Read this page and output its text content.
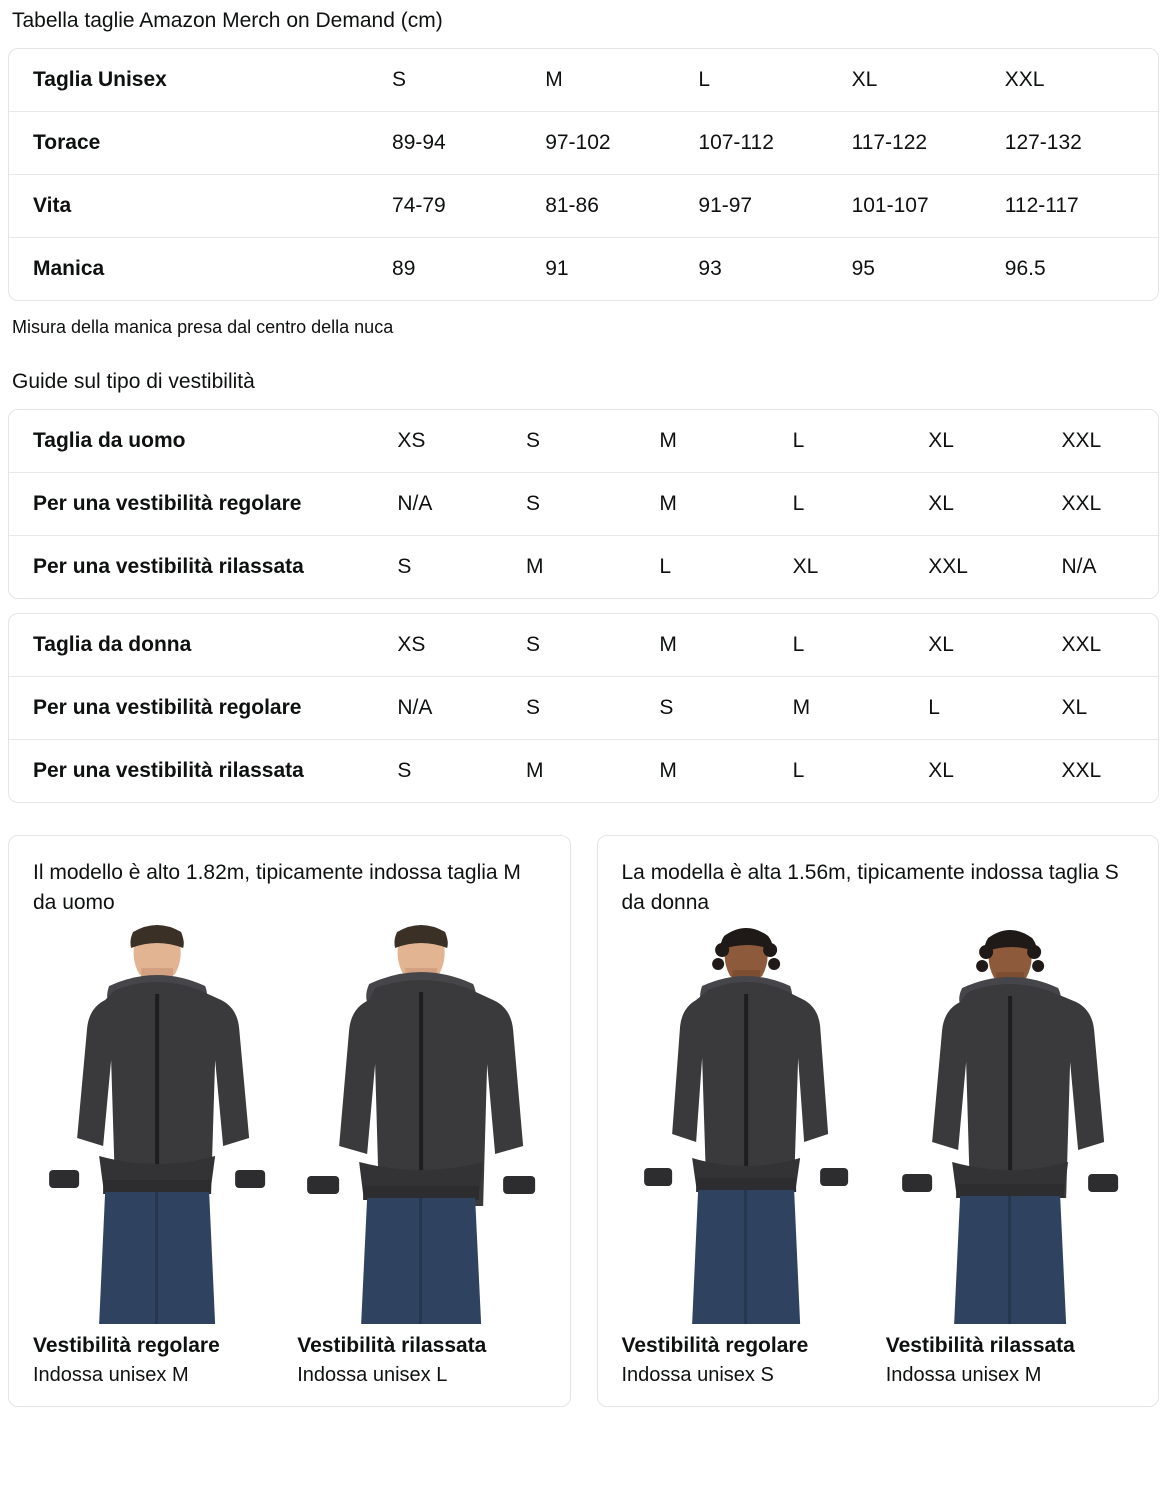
Tabella taglie Amazon Merch on Demand (cm)
Taglia Unisex	S	M	L	XL	XXL
Torace	89-94	97-102	107-112	117-122	127-132
Vita	74-79	81-86	91-97	101-107	112-117
Manica	89	91	93	95	96.5
Misura della manica presa dal centro della nuca
Guide sul tipo di vestibilità
Taglia da uomo	XS	S	M	L	XL	XXL
Per una vestibilità regolare	N/A	S	M	L	XL	XXL
Per una vestibilità rilassata	S	M	L	XL	XXL	N/A
Taglia da donna	XS	S	M	L	XL	XXL
Per una vestibilità regolare	N/A	S	S	M	L	XL
Per una vestibilità rilassata	S	M	M	L	XL	XXL
Il modello è alto 1.82m, tipicamente indossa taglia M da uomo
Vestibilità regolare
Indossa unisex M
Vestibilità rilassata
Indossa unisex L
La modella è alta 1.56m, tipicamente indossa taglia S da donna
Vestibilità regolare
Indossa unisex S
Vestibilità rilassata
Indossa unisex M
